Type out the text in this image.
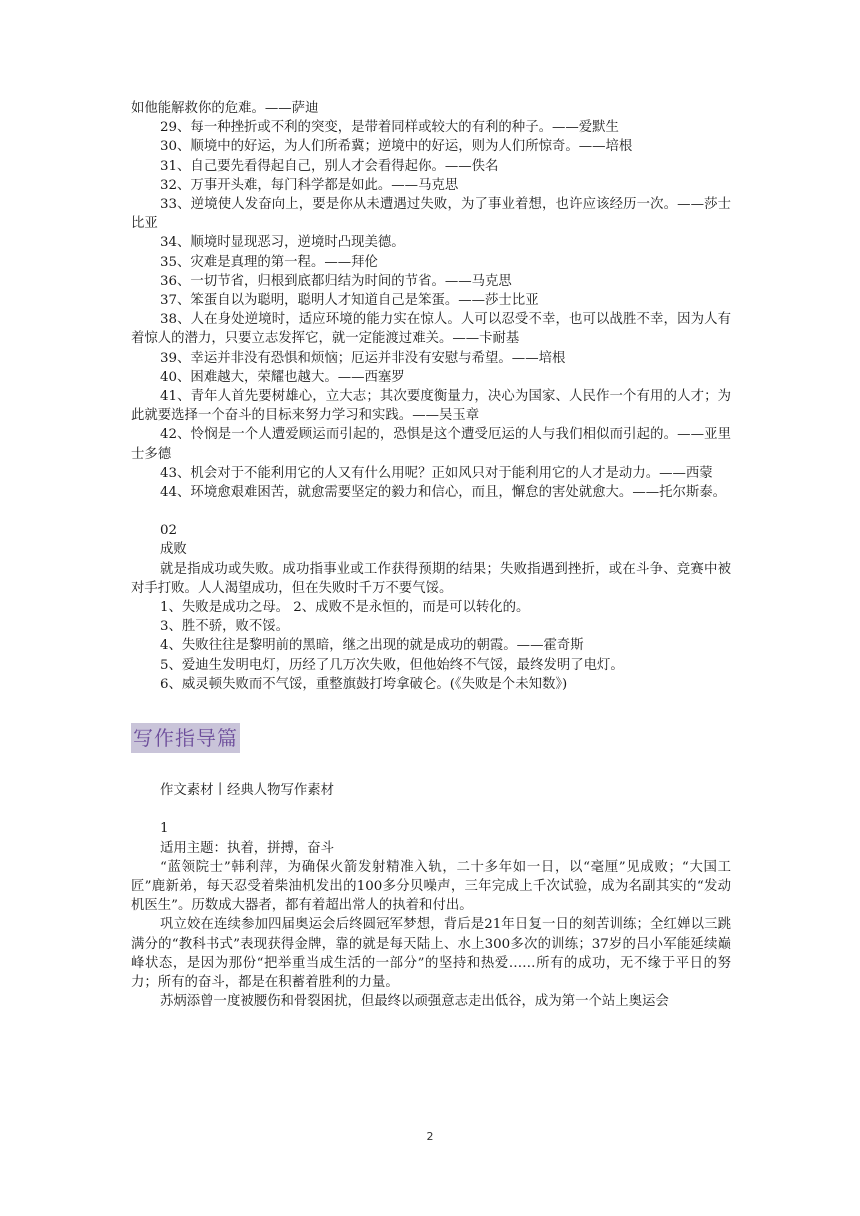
如他能解救你的危难。——萨迪

29、每一种挫折或不利的突变，是带着同样或较大的有利的种子。——爱默生

30、顺境中的好运，为人们所希冀；逆境中的好运，则为人们所惊奇。——培根

31、自己要先看得起自己，别人才会看得起你。——佚名

32、万事开头难，每门科学都是如此。——马克思

33、逆境使人发奋向上，要是你从未遭遇过失败，为了事业着想，也许应该经历一次。——莎士比亚

34、顺境时显现恶习，逆境时凸现美德。

35、灾难是真理的第一程。——拜伦

36、一切节省，归根到底都归结为时间的节省。——马克思

37、笨蛋自以为聪明，聪明人才知道自己是笨蛋。——莎士比亚

38、人在身处逆境时，适应环境的能力实在惊人。人可以忍受不幸，也可以战胜不幸，因为人有着惊人的潜力，只要立志发挥它，就一定能渡过难关。——卡耐基

39、幸运并非没有恐惧和烦恼；厄运并非没有安慰与希望。——培根

40、困难越大，荣耀也越大。——西塞罗

41、青年人首先要树雄心，立大志；其次要度衡量力，决心为国家、人民作一个有用的人才；为此就要选择一个奋斗的目标来努力学习和实践。——吴玉章

42、怜悯是一个人遭爱顾运而引起的，恐惧是这个遭受厄运的人与我们相似而引起的。——亚里士多德

43、机会对于不能利用它的人又有什么用呢？正如风只对于能利用它的人才是动力。——西蒙

44、环境愈艰难困苦，就愈需要坚定的毅力和信心，而且，懈怠的害处就愈大。——托尔斯泰。

02

成败

就是指成功或失败。成功指事业或工作获得预期的结果；失败指遇到挫折，或在斗争、竞赛中被对手打败。人人渴望成功，但在失败时千万不要气馁。

1、失败是成功之母。 2、成败不是永恒的，而是可以转化的。

3、胜不骄，败不馁。

4、失败往往是黎明前的黑暗，继之出现的就是成功的朝霞。——霍奇斯

5、爱迪生发明电灯，历经了几万次失败，但他始终不气馁，最终发明了电灯。

6、威灵顿失败而不气馁，重整旗鼓打垮拿破仑。(《失败是个未知数》)

写作指导篇

作文素材丨经典人物写作素材

1

适用主题：执着，拼搏，奋斗

“蓝领院士”韩利萍，为确保火箭发射精准入轨，二十多年如一日，以“毫厘”见成败；“大国工匠”鹿新弟，每天忍受着柴油机发出的100多分贝噪声，三年完成上千次试验，成为名副其实的“发动机医生”。历数成大器者，都有着超出常人的执着和付出。

巩立姣在连续参加四届奥运会后终圆冠军梦想，背后是21年日复一日的刻苦训练；全红婵以三跳满分的“教科书式”表现获得金牌，靠的就是每天陆上、水上300多次的训练；37岁的吕小军能延续巅峰状态，是因为那份“把举重当成生活的一部分”的坚持和热爱……所有的成功，无不缘于平日的努力；所有的奋斗，都是在积蓄着胜利的力量。

苏炳添曾一度被腰伤和骨裂困扰，但最终以顽强意志走出低谷，成为第一个站上奥运会

2
